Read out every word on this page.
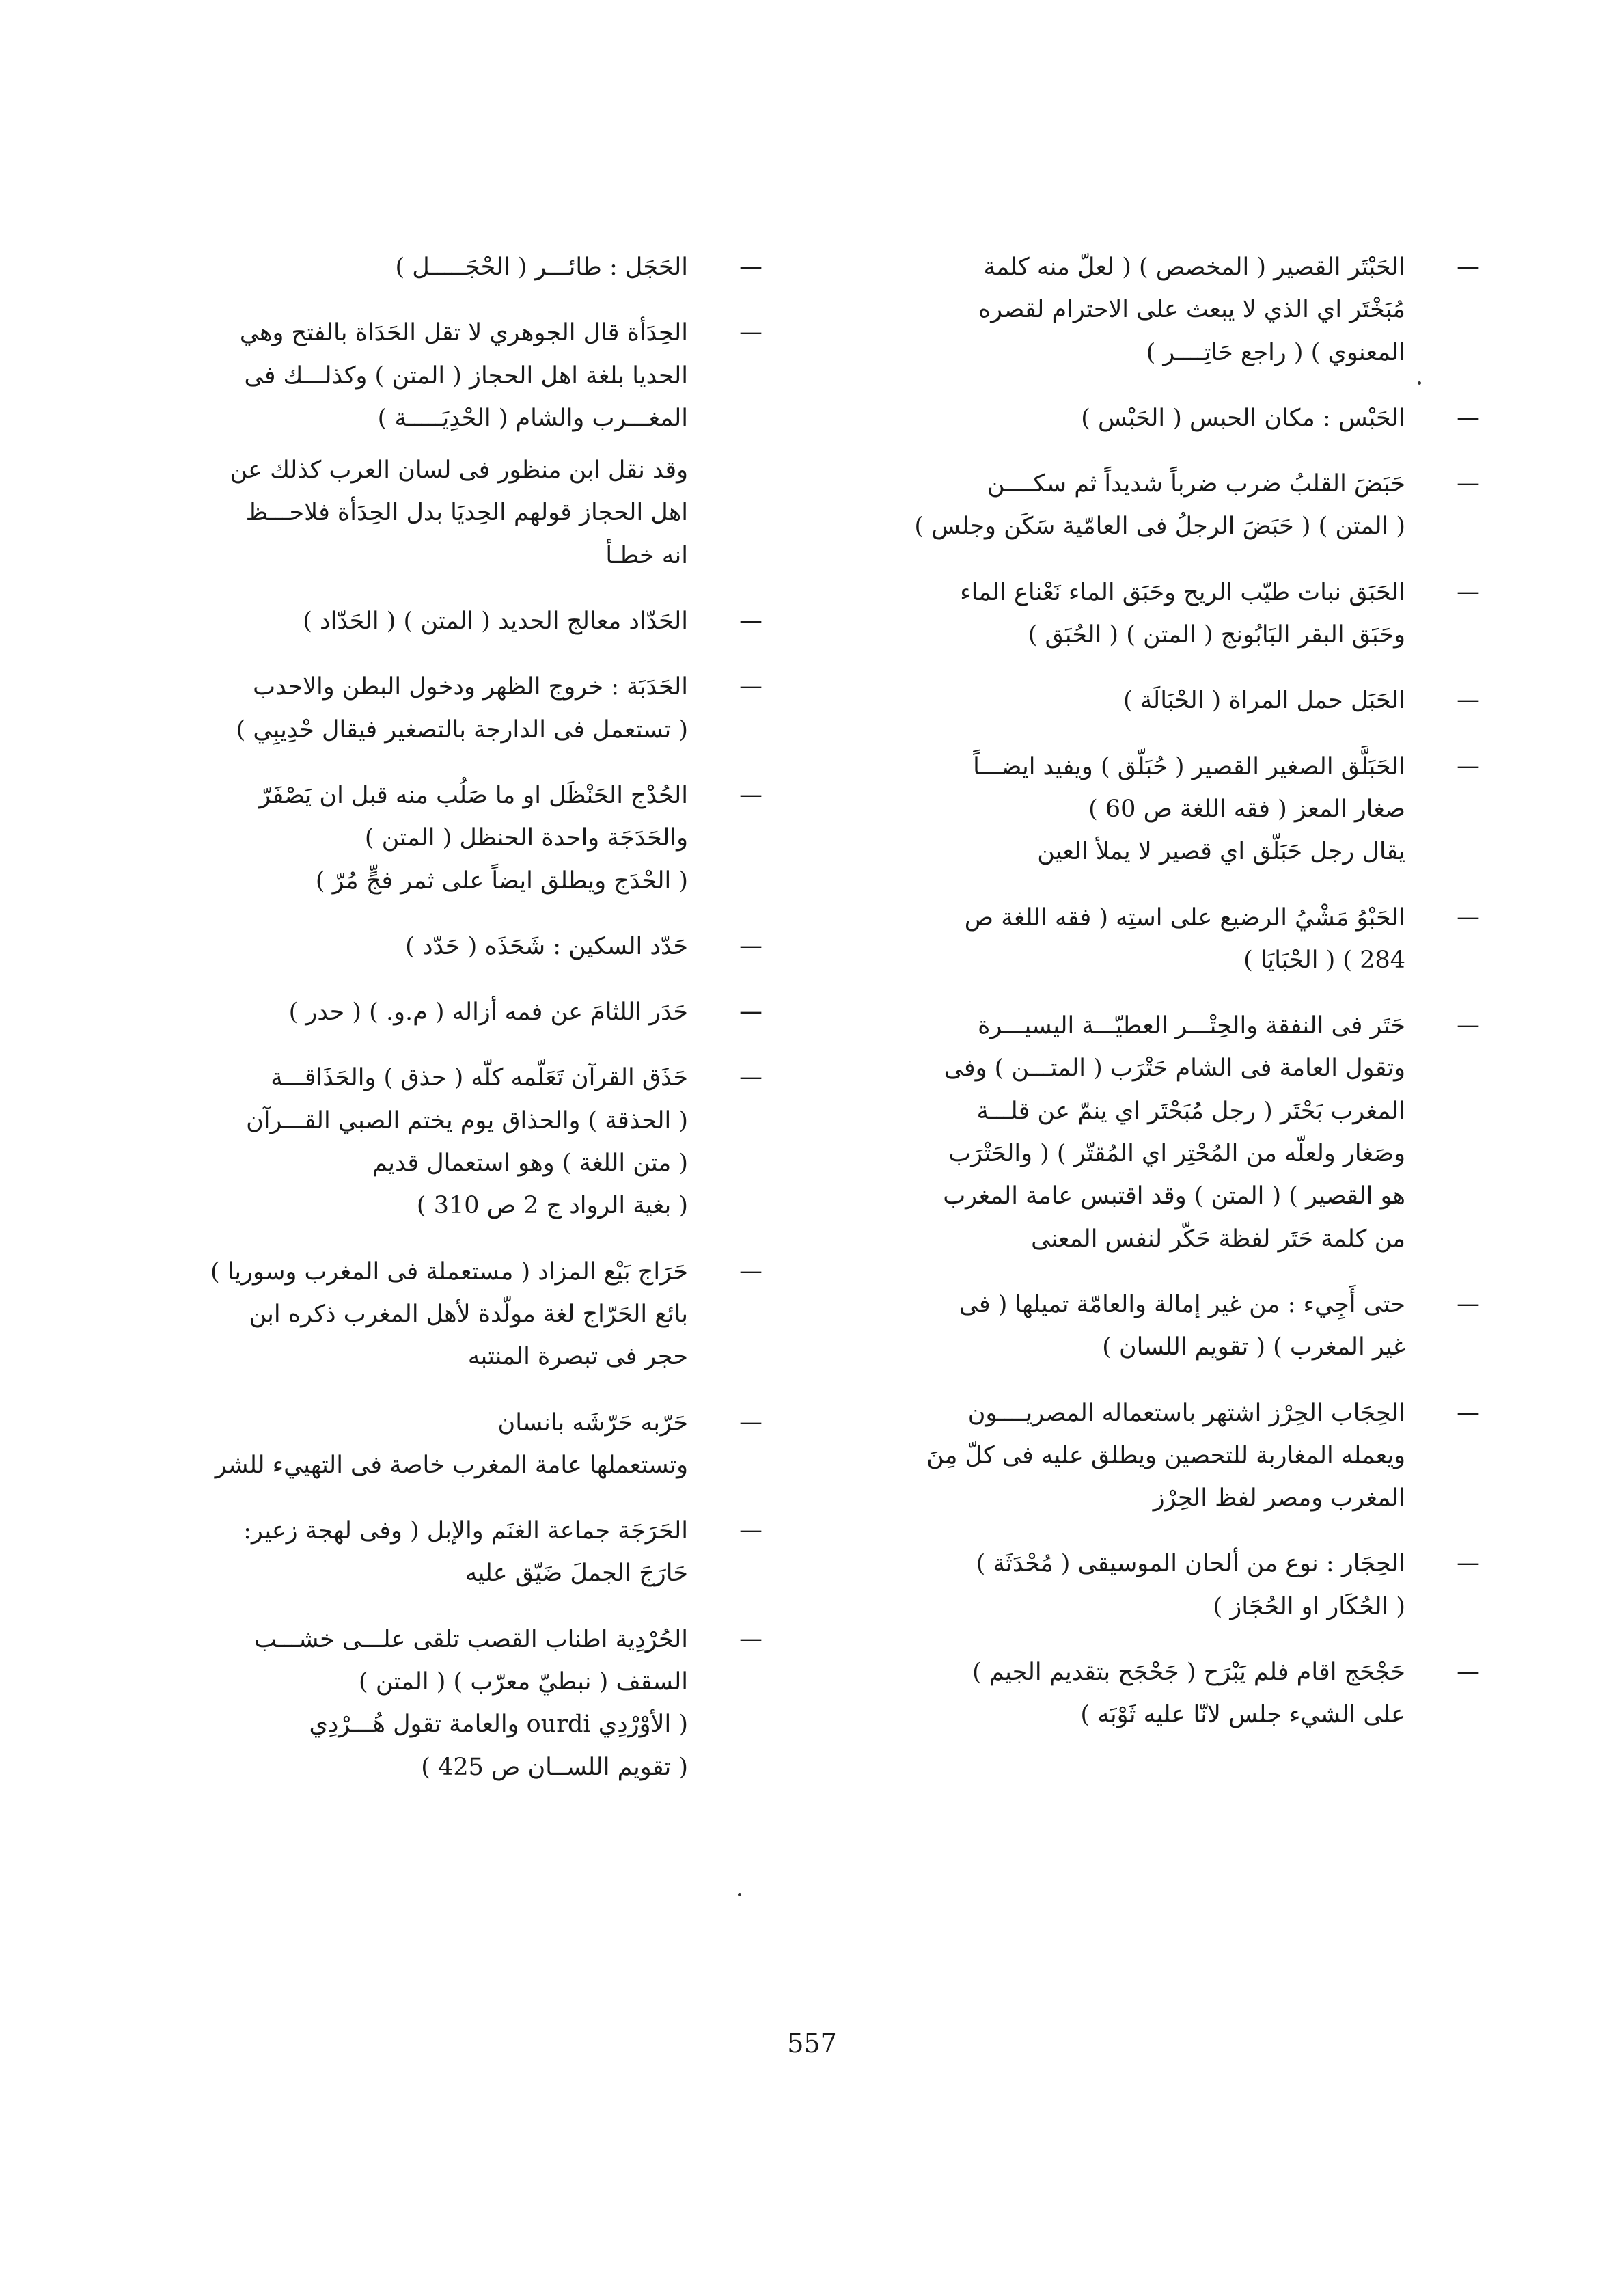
—
الحَبْتَر القصير ( المخصص ) ( لعلّ منه كلمة
مُبَخْتَر اي الذي لا يبعث على الاحترام لقصره
المعنوي ) ( راجع حَاتِــــر )
—
الحَبْس : مكان الحبس ( الحَبْس )
—
حَبَضَ القلبُ ضرب ضرباً شديداً ثم سكــــن
( المتن ) ( حَبَضَ الرجلُ فى العامّية سَكَن وجلس )
—
الحَبَق نبات طيّب الريح وحَبَق الماء نَعْناع الماء
وحَبَق البقر البَابُونج ( المتن ) ( الحُبَق )
—
الحَبَل حمل المراة ( الحْبَالَة )
—
الحَبَلَّق الصغير القصير ( حُبَلّق ) ويفيد ايضـــاً
صغار المعز ( فقه اللغة ص 60 )
يقال رجل حَبَلّق اي قصير لا يملأ العين
—
الحَبْوُ مَشْيُ الرضيع على استِه ( فقه اللغة ص
284 ) ( الحْبَايَا )
—
حَتَر فى النفقة والحِتْـــر العطيّـــة اليسيـــرة
وتقول العامة فى الشام حَتْرَب ( المتـــن ) وفى
المغرب بَحْتَر ( رجل مُبَحْتَر اي ينمّ عن قلـــة
وصَغار ولعلّه من المُحْتِر اي المُقتّر ) ( والحَتْرَب
هو القصير ) ( المتن ) وقد اقتبس عامة المغرب
من كلمة حَتَر لفظة حَكّر لنفس المعنى
—
حتى أَجِيء : من غير إمالة والعامّة تميلها ( فى
غير المغرب ) ( تقويم اللسان )
—
الحِجَاب الحِرْز اشتهر باستعماله المصريــــون
ويعمله المغاربة للتحصين ويطلق عليه فى كلّ مِنَ
المغرب ومصر لفظ الحِرْز
—
الحِجَار : نوع من ألحان الموسيقى ( مُحْدَثَة )
( الحُكَار او الحُجَاز )
—
حَجْحَج اقام فلم يَبْرَح ( جَحْجَح بتقديم الجيم )
على الشيء جلس لانّا عليه ثَوْبَه )
—
الحَجَل : طائـــر ( الحْجَـــــل )
—
الحِدَأة قال الجوهري لا تقل الحَدَاة بالفتح وهي
الحديا بلغة اهل الحجاز ( المتن ) وكذلـــك فى
المغـــرب والشام ( الحْدِيَـــــة )
وقد نقل ابن منظور فى لسان العرب كذلك عن
اهل الحجاز قولهم الحِديَا بدل الحِدَأة فلاحـــظ
انه خطـأ
—
الحَدّاد معالج الحديد ( المتن ) ( الحَدّاد )
—
الحَدَبَة : خروج الظهر ودخول البطن والاحدب
( تستعمل فى الدارجة بالتصغير فيقال حْدِيبِي )
—
الحُدْج الحَنْظَل او ما صَلُب منه قبل ان يَصْفَرّ
والحَدَجَة واحدة الحنظل ( المتن )
( الحْدَج ويطلق ايضاً على ثمر فجٍّ مُرّ )
—
حَدّد السكين : شَحَذَه ( حَدّد )
—
حَدَر اللثامَ عن فمه أزاله ( م.و. ) ( حدر )
—
حَذَق القرآن تَعَلّمه كلّه ( حذق ) والحَذَاقـــة
( الحذقة ) والحذاق يوم يختم الصبي القـــرآن
( متن اللغة ) وهو استعمال قديم
( بغية الرواد ج 2 ص 310 )
—
حَرَاج بَيْع المزاد ( مستعملة فى المغرب وسوريا )
بائع الحَرّاج لغة مولّدة لأهل المغرب ذكره ابن
حجر فى تبصرة المنتبه
—
حَرّبه حَرّشَه بانسان
وتستعملها عامة المغرب خاصة فى التهييء للشر
—
الحَرَجَة جماعة الغنَم والإبل ( وفى لهجة زعير:
حَارَجَ الجملَ ضَيّق عليه
—
الحُرْدِية اطناب القصب تلقى علـــى خشـــب
السقف ( نبطيّ معرّب ) ( المتن )
( الأوْرْدِي ourdi والعامة تقول هُـــرْدِي
( تقويم اللســان ص 425 )
557
